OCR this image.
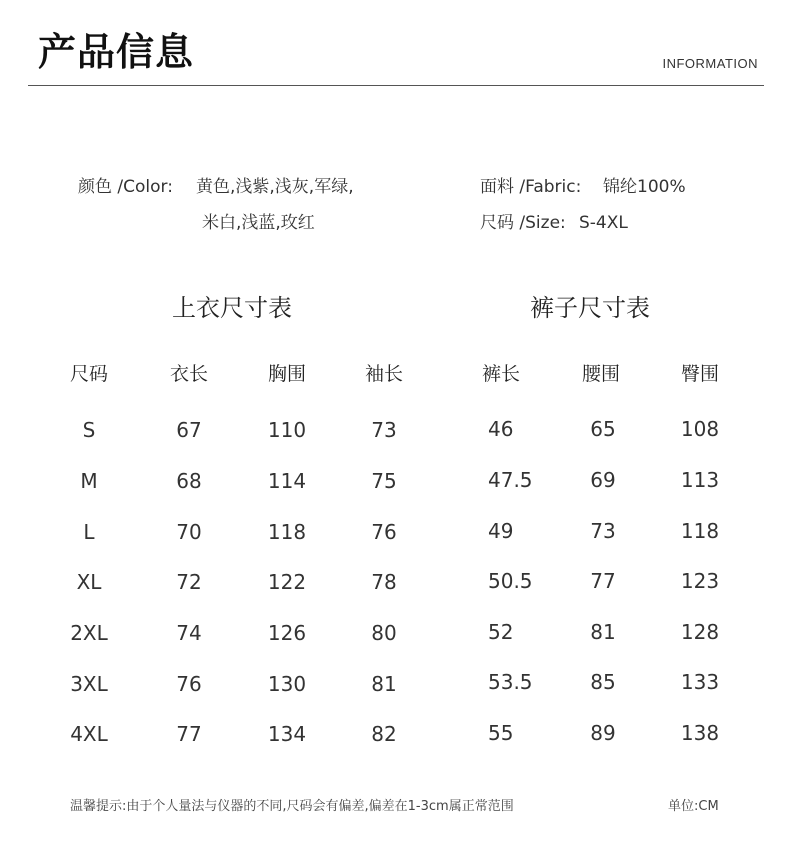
产品信息	INFORMATION
颜色 /Color: 黄色,浅紫,浅灰,军绿,
米白,浅蓝,玫红
面料 /Fabric: 锦纶100%
尺码 /Size: S-4XL
上衣尺寸表	裤子尺寸表
尺码	衣长	胸围	袖长
S	67	110	73
M	68	114	75
L	70	118	76
XL	72	122	78
2XL	74	126	80
3XL	76	130	81
4XL	77	134	82
裤长	腰围	臀围
46	65	108
47.5	69	113
49	73	118
50.5	77	123
52	81	128
53.5	85	133
55	89	138
温馨提示:由于个人量法与仪器的不同,尺码会有偏差,偏差在1-3cm属正常范围	单位:CM
